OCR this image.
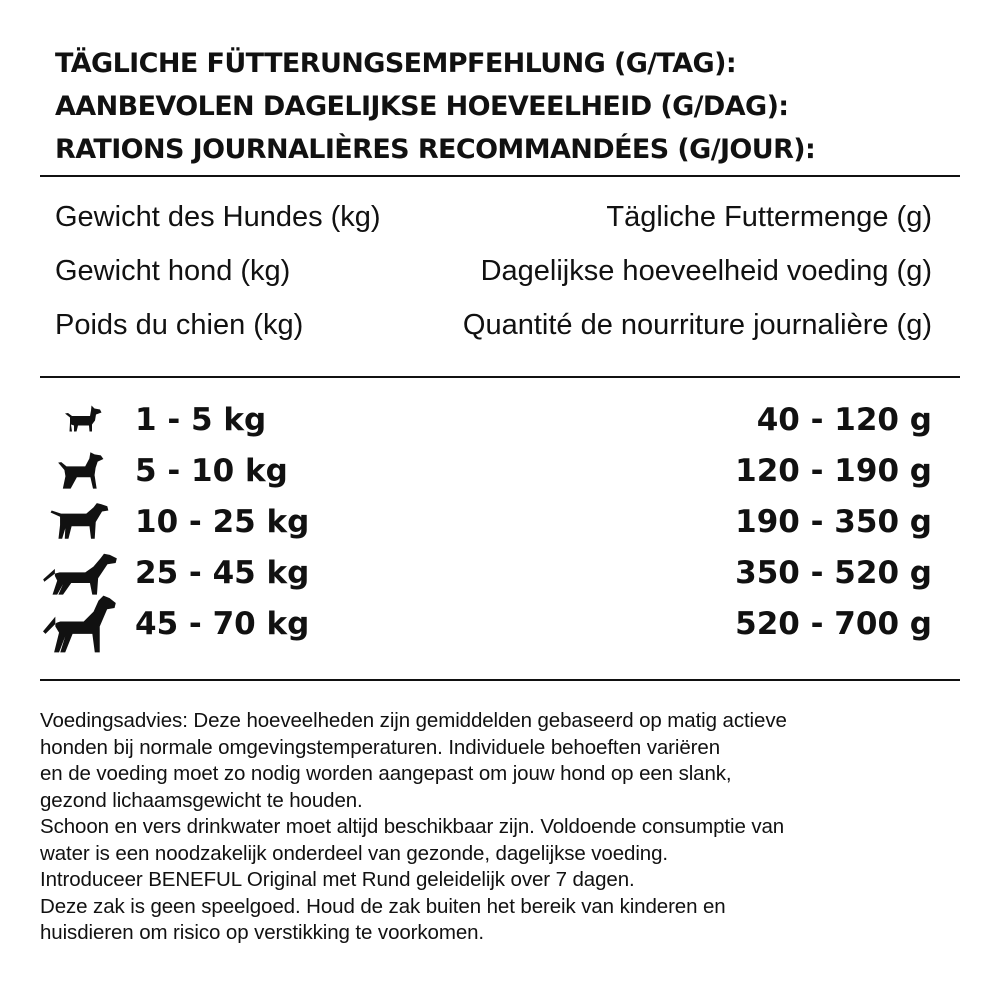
TÄGLICHE FÜTTERUNGSEMPFEHLUNG (G/TAG):
AANBEVOLEN DAGELIJKSE HOEVEELHEID (G/DAG):
RATIONS JOURNALIÈRES RECOMMANDÉES (G/JOUR):
Gewicht des Hundes (kg)	Tägliche Futtermenge (g)
Gewicht hond (kg)	Dagelijkse hoeveelheid voeding (g)
Poids du chien (kg)	Quantité de nourriture journalière (g)
1 - 5 kg	40 - 120 g
5 - 10 kg	120 - 190 g
10 - 25 kg	190 - 350 g
25 - 45 kg	350 - 520 g
45 - 70 kg	520 - 700 g
Voedingsadvies: Deze hoeveelheden zijn gemiddelden gebaseerd op matig actieve
honden bij normale omgevingstemperaturen. Individuele behoeften variëren
en de voeding moet zo nodig worden aangepast om jouw hond op een slank,
gezond lichaamsgewicht te houden.
Schoon en vers drinkwater moet altijd beschikbaar zijn. Voldoende consumptie van
water is een noodzakelijk onderdeel van gezonde, dagelijkse voeding.
Introduceer BENEFUL Original met Rund geleidelijk over 7 dagen.
Deze zak is geen speelgoed. Houd de zak buiten het bereik van kinderen en
huisdieren om risico op verstikking te voorkomen.
